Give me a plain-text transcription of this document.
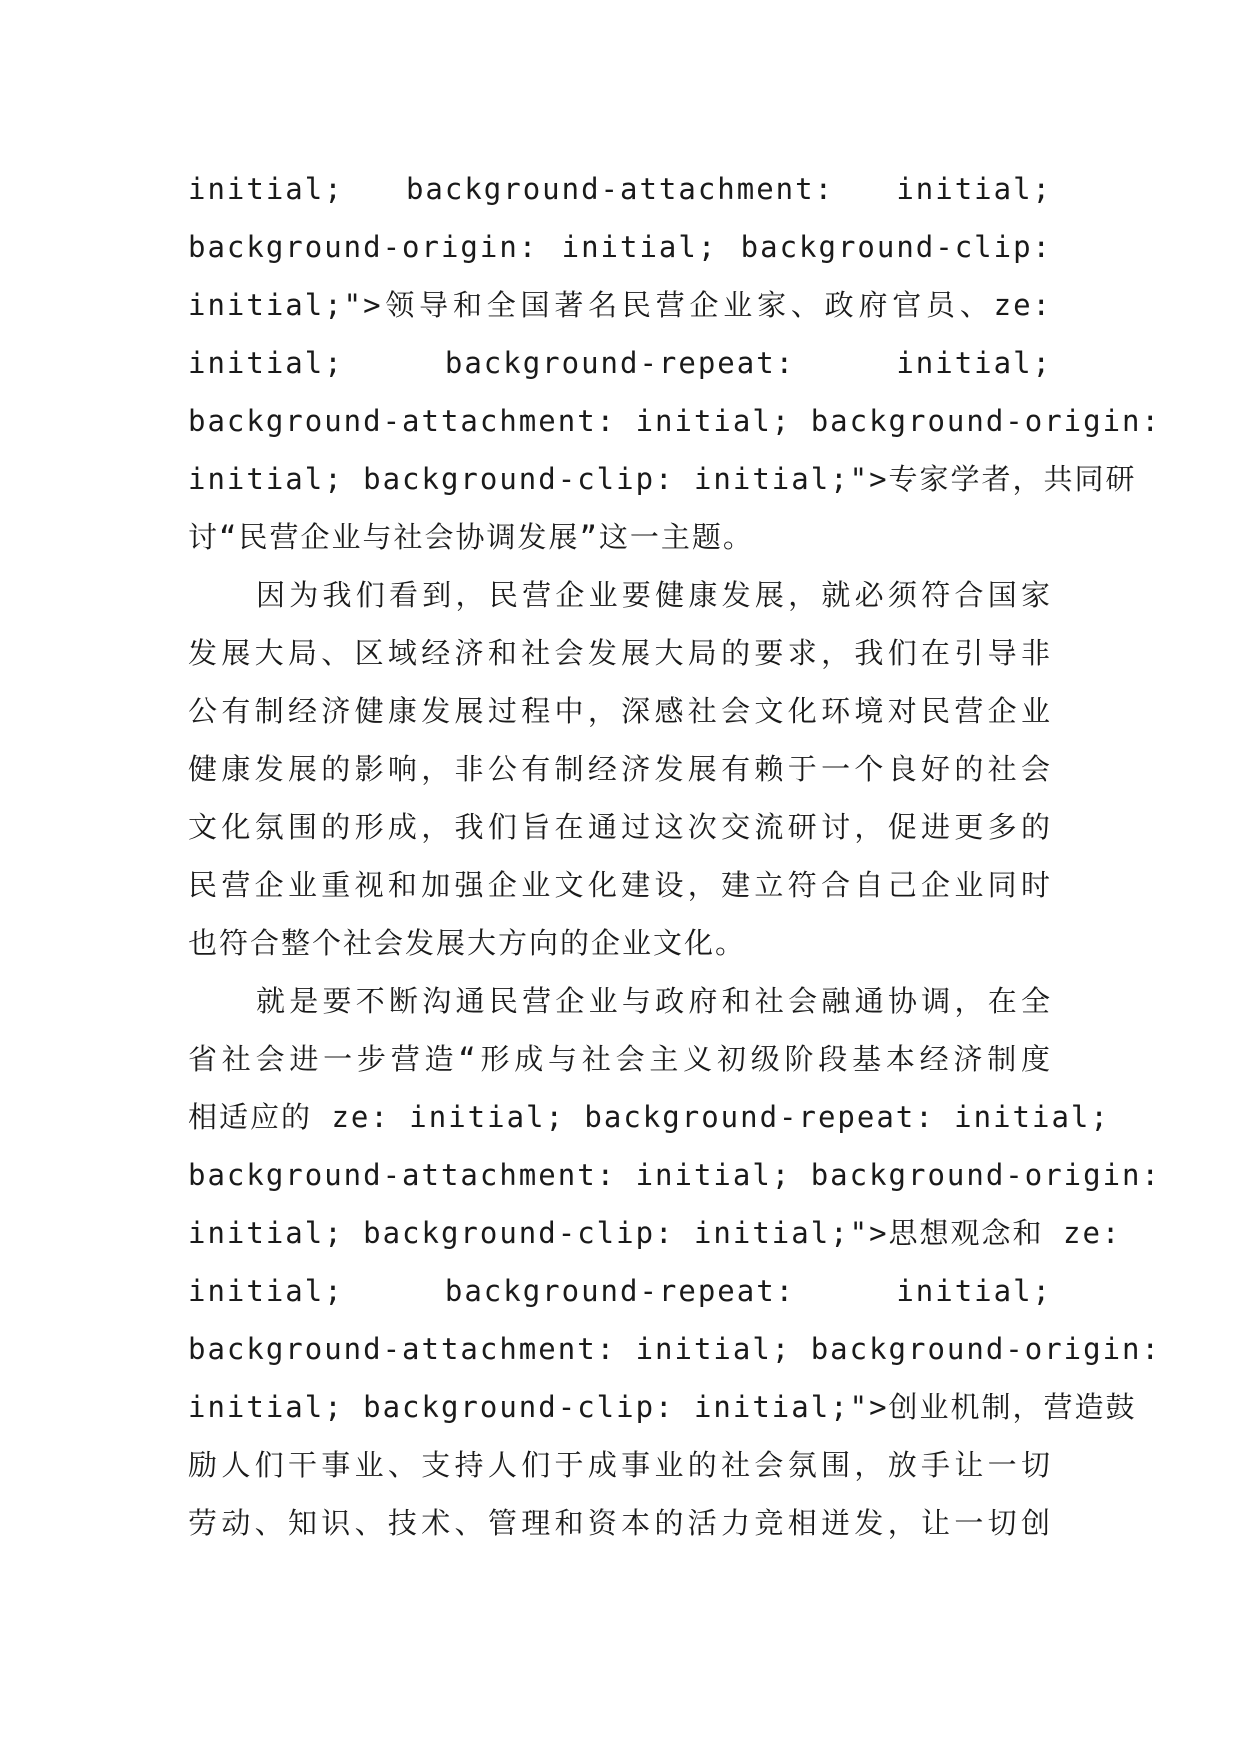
initial; background-attachment: initial;
background-origin: initial; background-clip:
initial;">领导和全国著名民营企业家、政府官员、ze:
initial; background-repeat: initial;
background-attachment: initial; background-origin:
initial; background-clip: initial;">专家学者，共同研
讨“民营企业与社会协调发展”这一主题。
因为我们看到，民营企业要健康发展，就必须符合国家
发展大局、区域经济和社会发展大局的要求，我们在引导非
公有制经济健康发展过程中，深感社会文化环境对民营企业
健康发展的影响，非公有制经济发展有赖于一个良好的社会
文化氛围的形成，我们旨在通过这次交流研讨，促进更多的
民营企业重视和加强企业文化建设，建立符合自己企业同时
也符合整个社会发展大方向的企业文化。
就是要不断沟通民营企业与政府和社会融通协调，在全
省社会进一步营造“形成与社会主义初级阶段基本经济制度
相适应的 ze: initial; background-repeat: initial;
background-attachment: initial; background-origin:
initial; background-clip: initial;">思想观念和 ze:
initial; background-repeat: initial;
background-attachment: initial; background-origin:
initial; background-clip: initial;">创业机制，营造鼓
励人们干事业、支持人们于成事业的社会氛围，放手让一切
劳动、知识、技术、管理和资本的活力竞相迸发，让一切创
